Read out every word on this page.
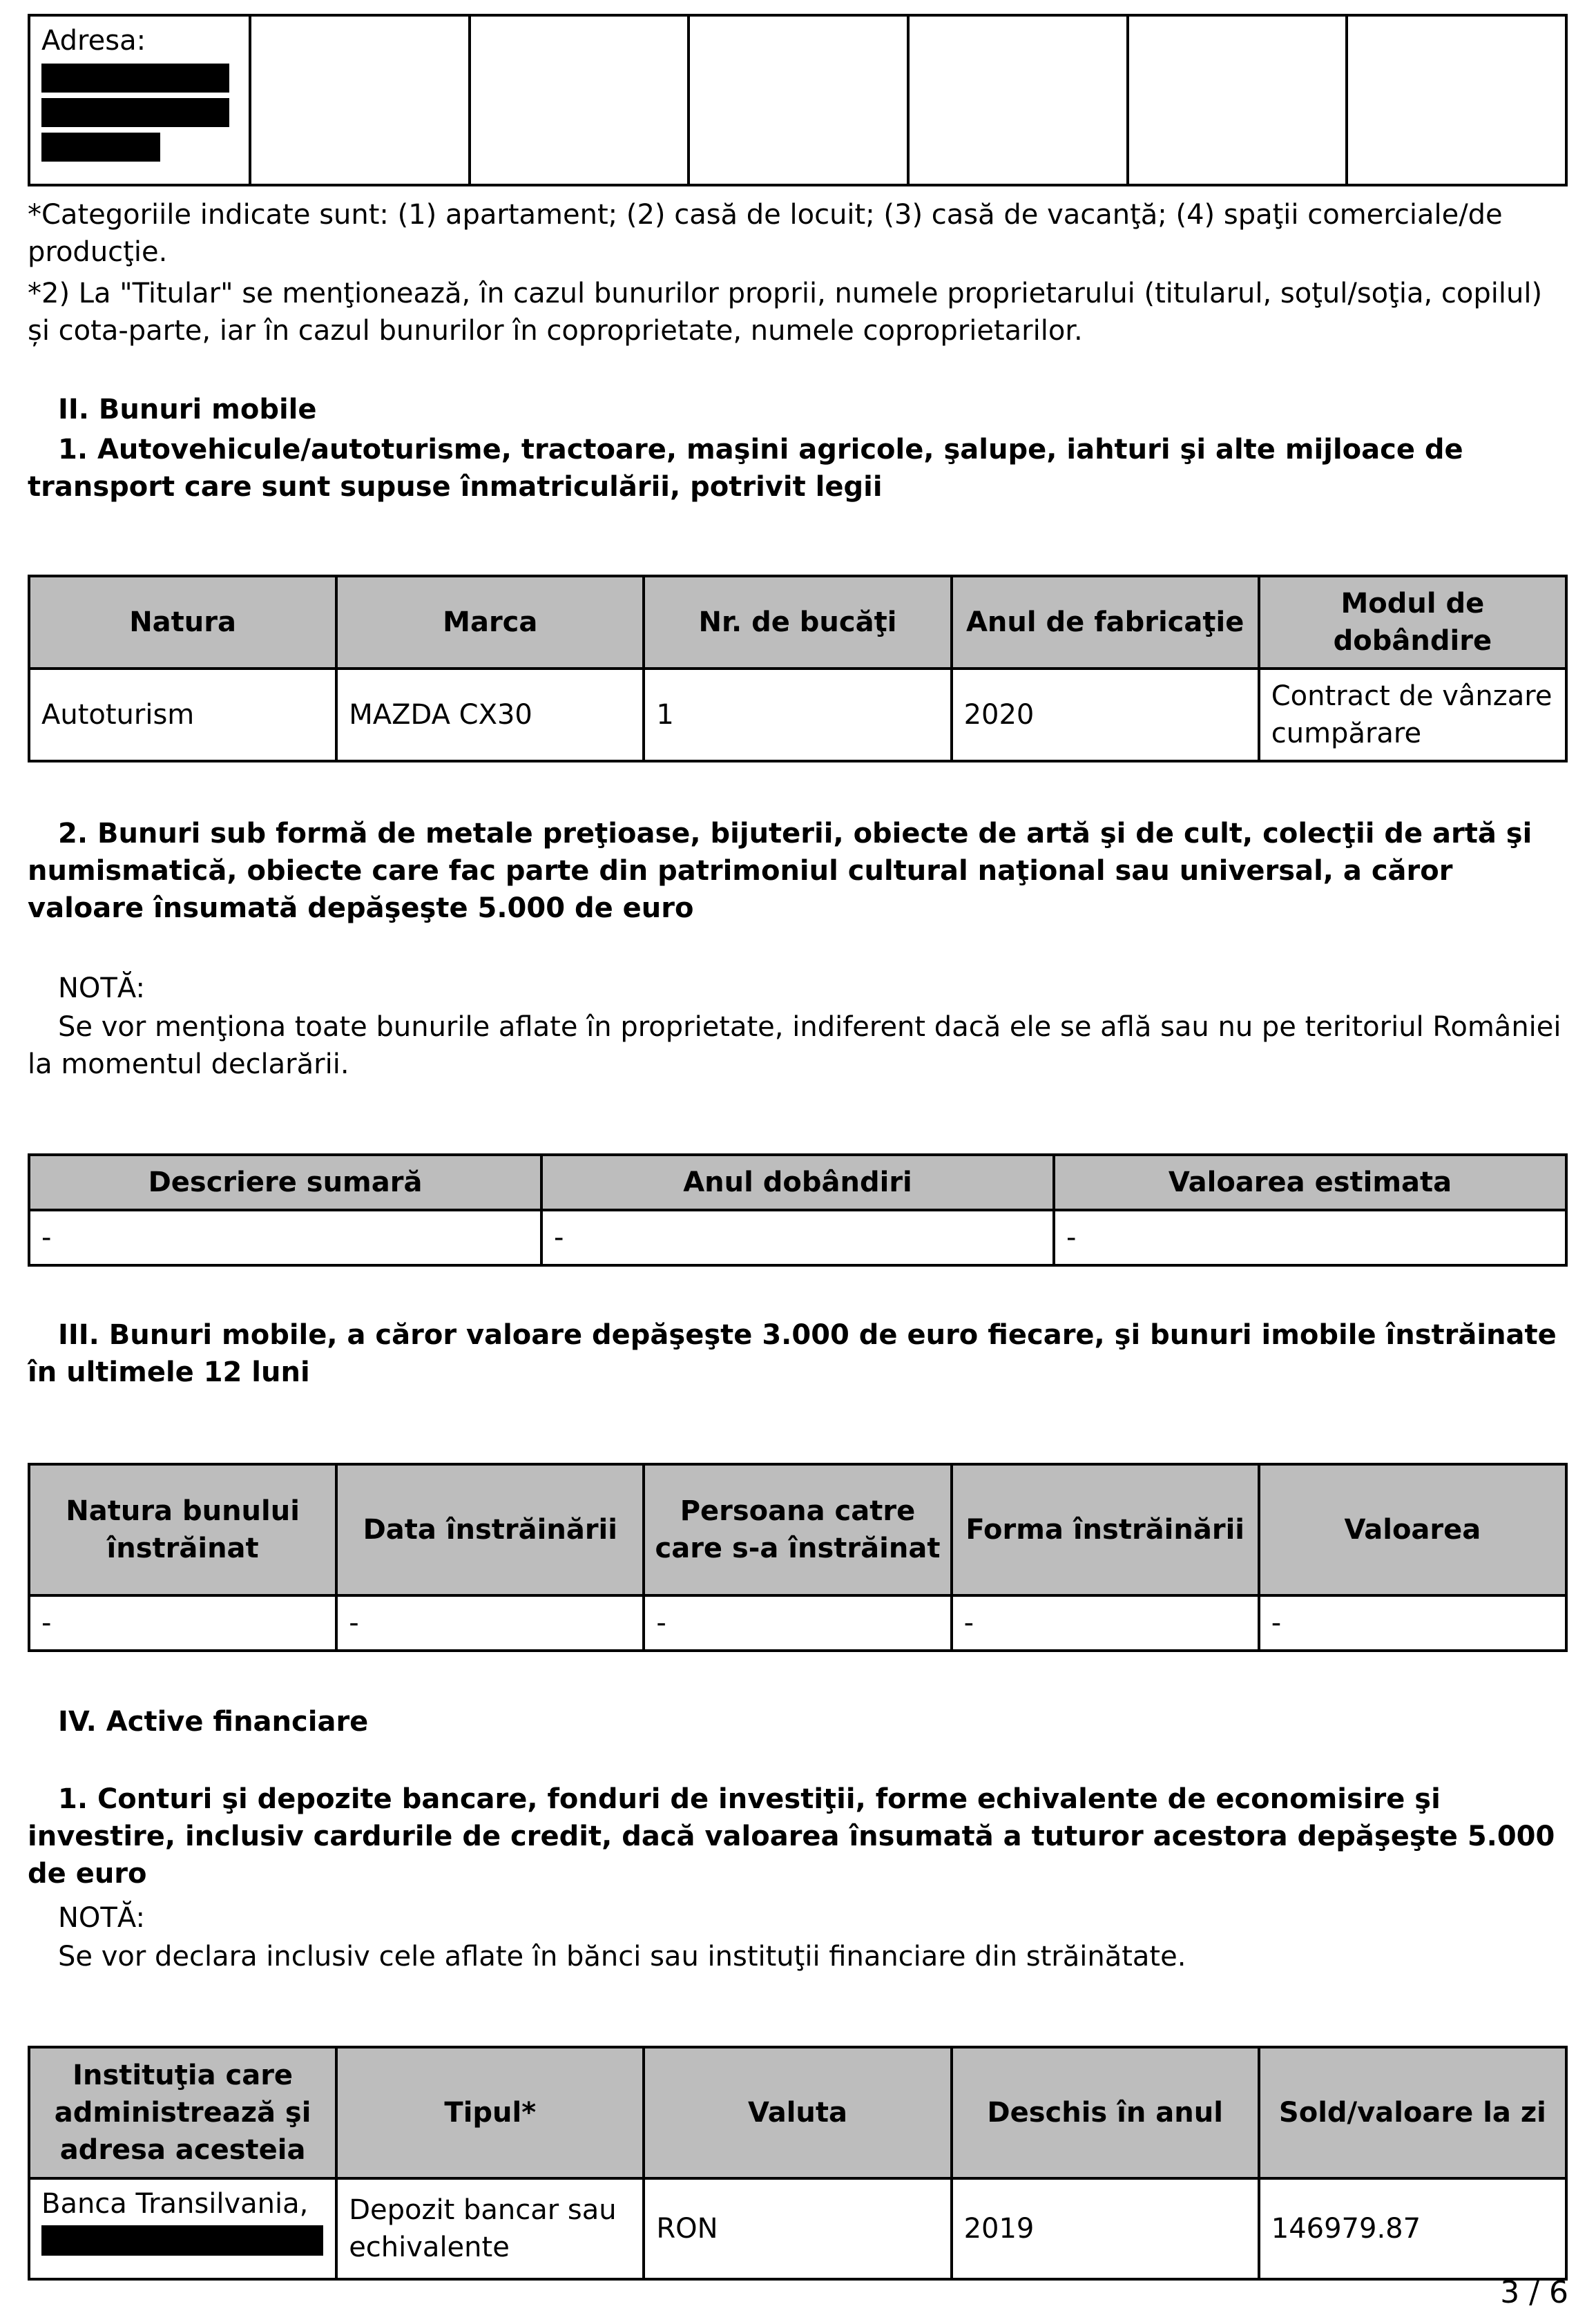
Adresa:

*Categoriile indicate sunt: (1) apartament; (2) casă de locuit; (3) casă de vacanţă; (4) spaţii comerciale/de producţie.

*2) La "Titular" se menţionează, în cazul bunurilor proprii, numele proprietarului (titularul, soţul/soţia, copilul) și cota-parte, iar în cazul bunurilor în coproprietate, numele coproprietarilor.

II. Bunuri mobile

1. Autovehicule/autoturisme, tractoare, maşini agricole, şalupe, iahturi şi alte mijloace de transport care sunt supuse înmatriculării, potrivit legii

Natura	Marca	Nr. de bucăţi	Anul de fabricaţie	Modul de dobândire
Autoturism	MAZDA CX30	1	2020	Contract de vânzare cumpărare

2. Bunuri sub formă de metale preţioase, bijuterii, obiecte de artă şi de cult, colecţii de artă şi numismatică, obiecte care fac parte din patrimoniul cultural naţional sau universal, a căror valoare însumată depăşeşte 5.000 de euro

NOTĂ:

Se vor menţiona toate bunurile aflate în proprietate, indiferent dacă ele se află sau nu pe teritoriul României la momentul declarării.

Descriere sumară	Anul dobândiri	Valoarea estimata
-	-	-

III. Bunuri mobile, a căror valoare depăşeşte 3.000 de euro fiecare, şi bunuri imobile înstrăinate în ultimele 12 luni

Natura bunului înstrăinat	Data înstrăinării	Persoana catre care s-a înstrăinat	Forma înstrăinării	Valoarea
-	-	-	-	-

IV. Active financiare

1. Conturi şi depozite bancare, fonduri de investiţii, forme echivalente de economisire şi investire, inclusiv cardurile de credit, dacă valoarea însumată a tuturor acestora depăşeşte 5.000 de euro

NOTĂ:

Se vor declara inclusiv cele aflate în bănci sau instituţii financiare din străinătate.

Instituţia care administrează şi adresa acesteia	Tipul*	Valuta	Deschis în anul	Sold/valoare la zi

Banca Transilvania,	Depozit bancar sau echivalente	RON	2019	146979.87
3 / 6
